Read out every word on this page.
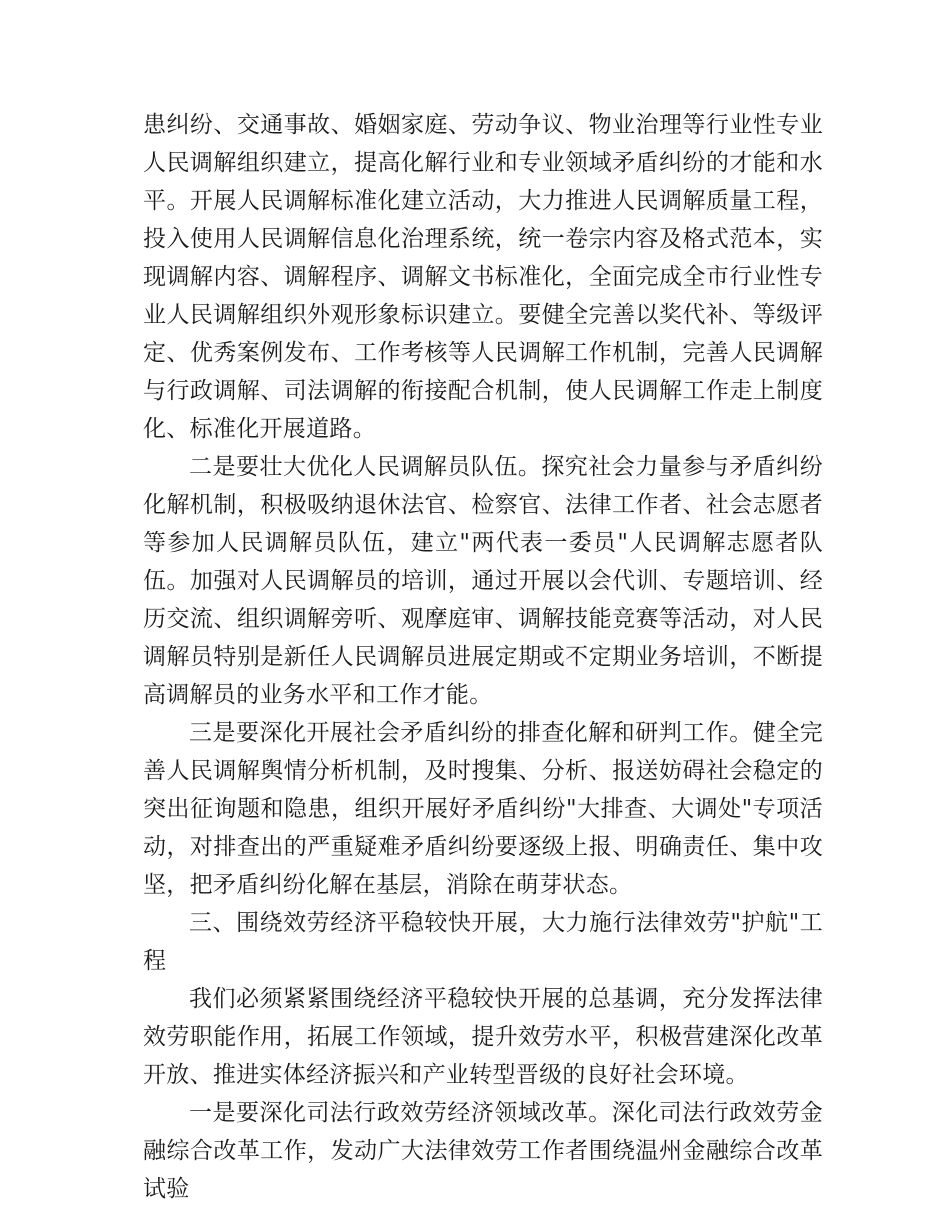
患纠纷、交通事故、婚姻家庭、劳动争议、物业治理等行业性专业人民调解组织建立，提高化解行业和专业领域矛盾纠纷的才能和水平。开展人民调解标准化建立活动，大力推进人民调解质量工程，投入使用人民调解信息化治理系统，统一卷宗内容及格式范本，实现调解内容、调解程序、调解文书标准化，全面完成全市行业性专业人民调解组织外观形象标识建立。要健全完善以奖代补、等级评定、优秀案例发布、工作考核等人民调解工作机制，完善人民调解与行政调解、司法调解的衔接配合机制，使人民调解工作走上制度化、标准化开展道路。

二是要壮大优化人民调解员队伍。探究社会力量参与矛盾纠纷化解机制，积极吸纳退休法官、检察官、法律工作者、社会志愿者等参加人民调解员队伍，建立"两代表一委员"人民调解志愿者队伍。加强对人民调解员的培训，通过开展以会代训、专题培训、经历交流、组织调解旁听、观摩庭审、调解技能竞赛等活动，对人民调解员特别是新任人民调解员进展定期或不定期业务培训，不断提高调解员的业务水平和工作才能。

三是要深化开展社会矛盾纠纷的排查化解和研判工作。健全完善人民调解舆情分析机制，及时搜集、分析、报送妨碍社会稳定的突出征询题和隐患，组织开展好矛盾纠纷"大排查、大调处"专项活动，对排查出的严重疑难矛盾纠纷要逐级上报、明确责任、集中攻坚，把矛盾纠纷化解在基层，消除在萌芽状态。

三、围绕效劳经济平稳较快开展，大力施行法律效劳"护航"工程

我们必须紧紧围绕经济平稳较快开展的总基调，充分发挥法律效劳职能作用，拓展工作领域，提升效劳水平，积极营建深化改革开放、推进实体经济振兴和产业转型晋级的良好社会环境。

一是要深化司法行政效劳经济领域改革。深化司法行政效劳金融综合改革工作，发动广大法律效劳工作者围绕温州金融综合改革试验
